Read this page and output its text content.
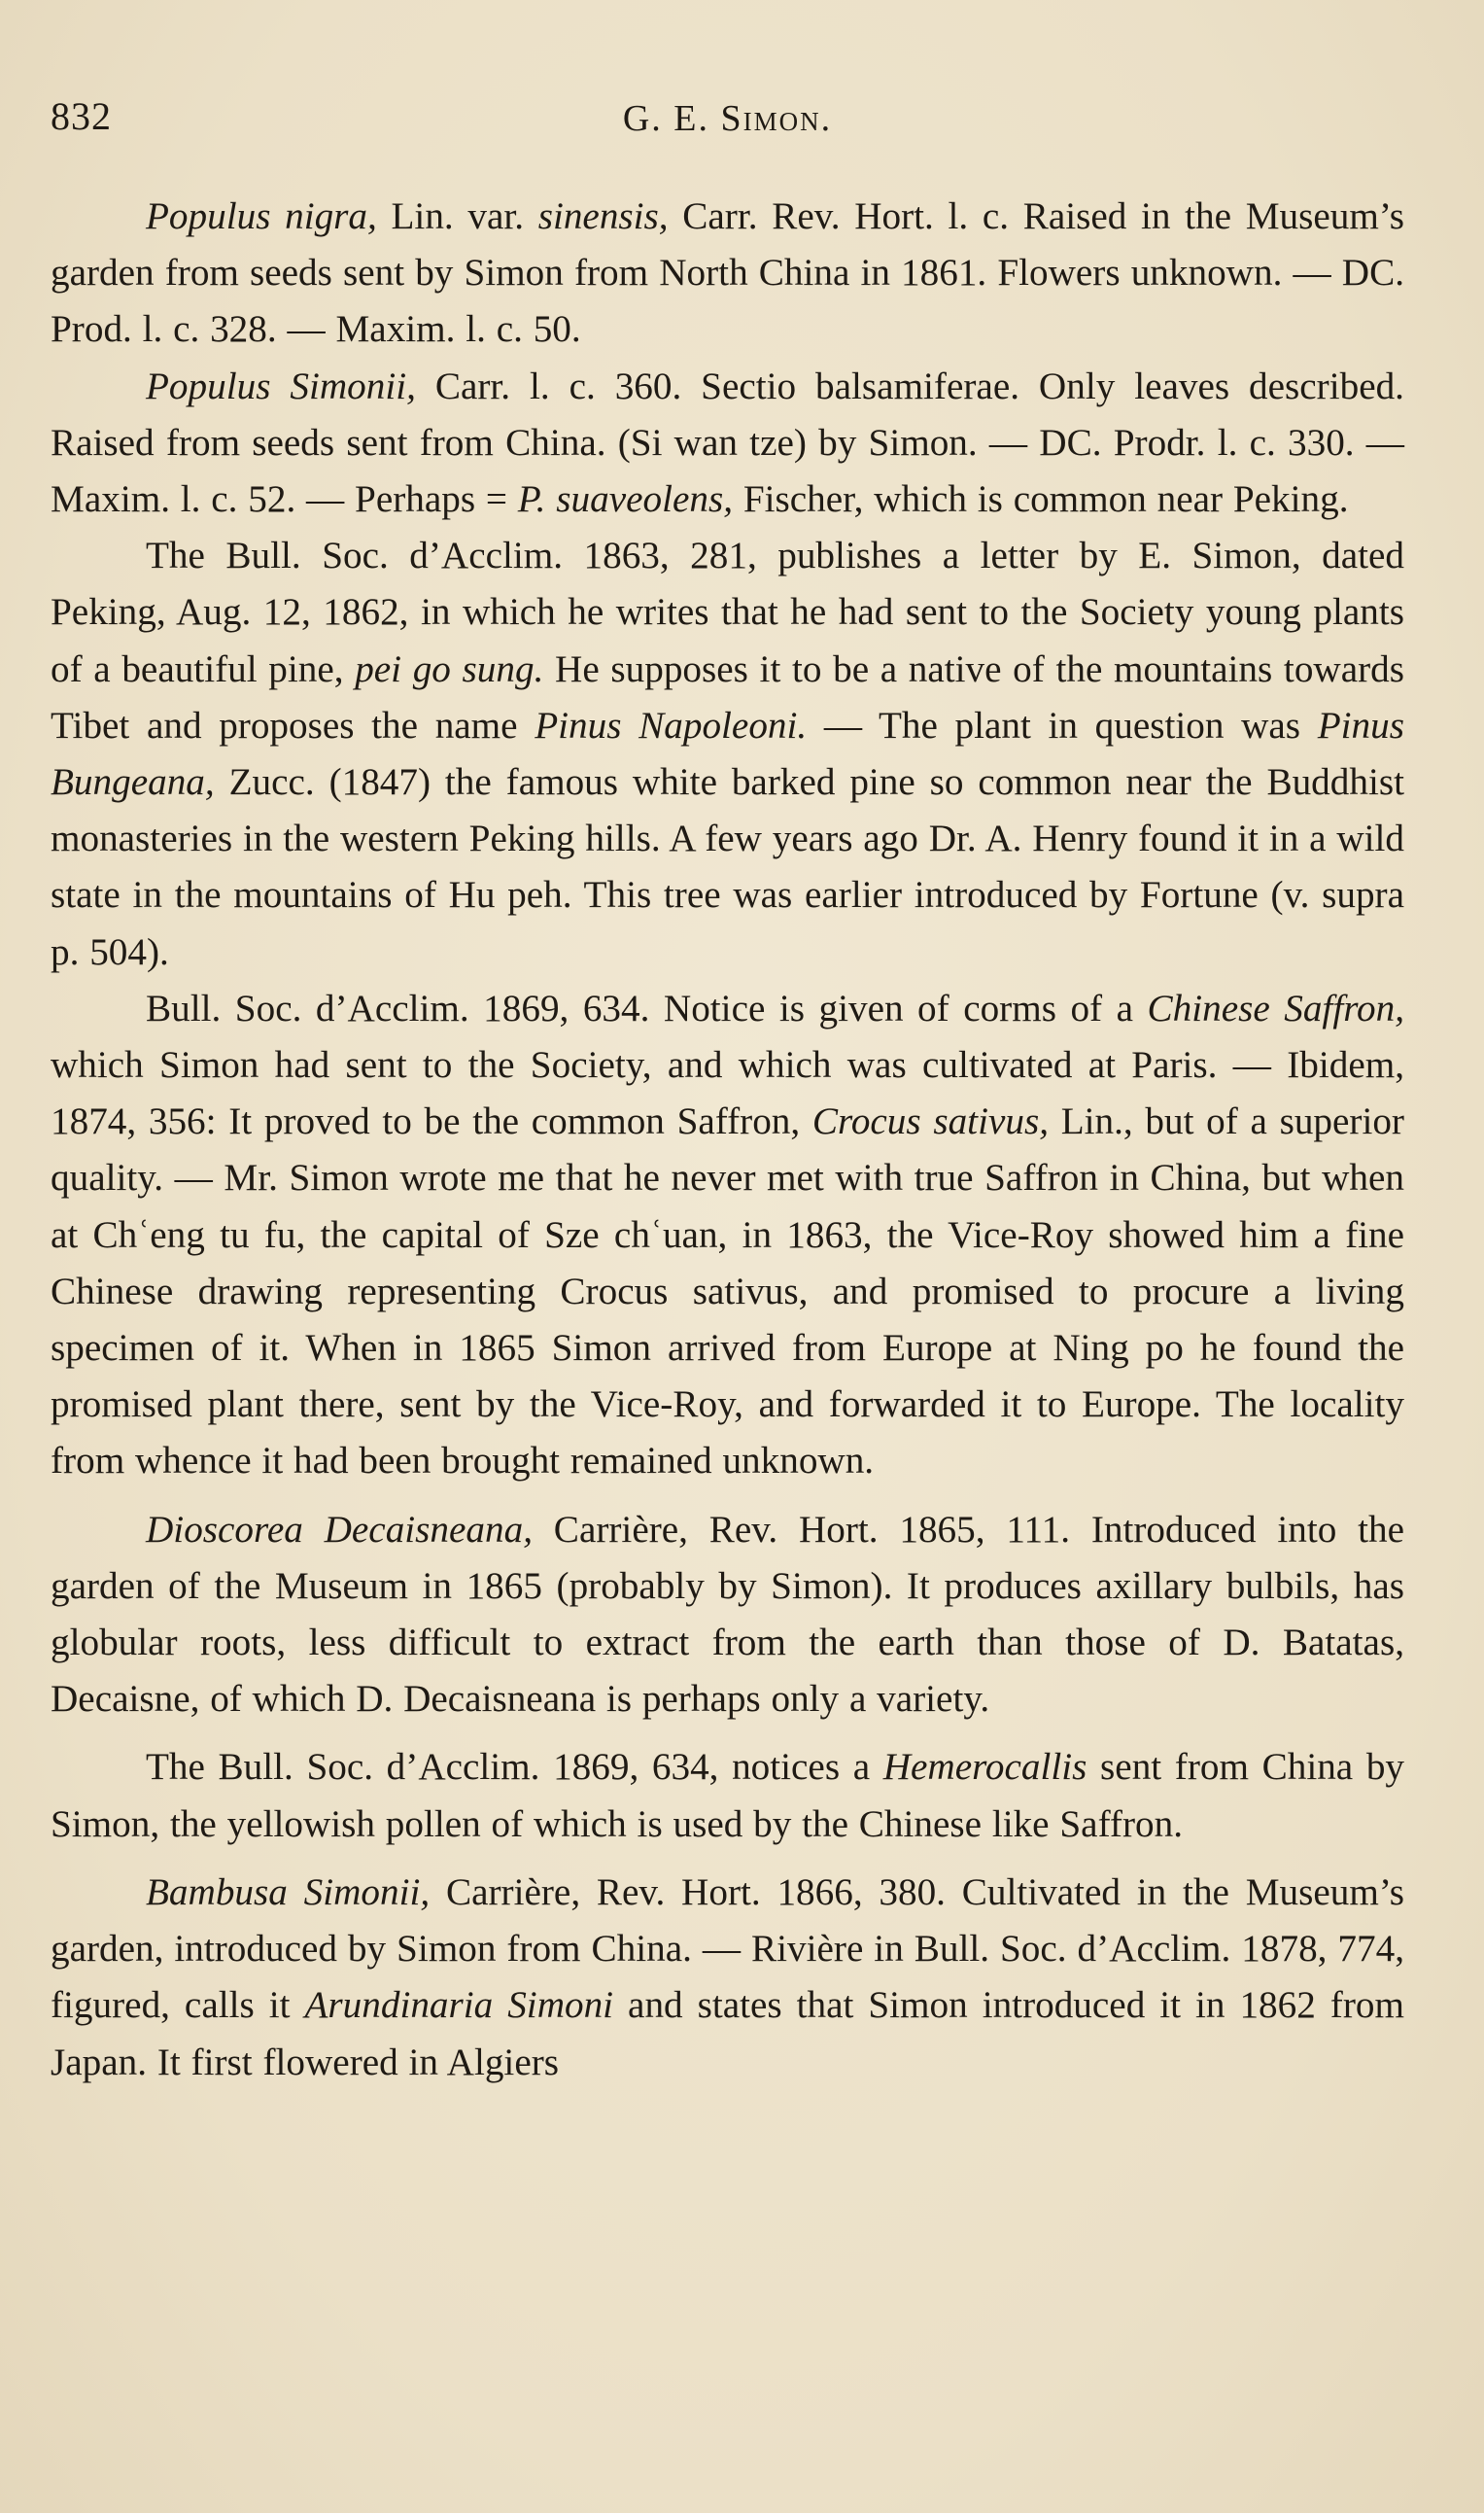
832	G. E. Simon.

Populus nigra, Lin. var. sinensis, Carr. Rev. Hort. l. c. Raised in the Museum’s garden from seeds sent by Simon from North China in 1861. Flowers unknown. — DC. Prod. l. c. 328. — Maxim. l. c. 50.

Populus Simonii, Carr. l. c. 360. Sectio balsamiferae. Only leaves described. Raised from seeds sent from China. (Si wan tze) by Simon. — DC. Prodr. l. c. 330. — Maxim. l. c. 52. — Perhaps = P. suaveolens, Fischer, which is common near Peking.

The Bull. Soc. d’Acclim. 1863, 281, publishes a letter by E. Simon, dated Peking, Aug. 12, 1862, in which he writes that he had sent to the Society young plants of a beautiful pine, pei go sung. He supposes it to be a native of the mountains towards Tibet and proposes the name Pinus Napoleoni. — The plant in question was Pinus Bungeana, Zucc. (1847) the famous white barked pine so common near the Buddhist monasteries in the western Peking hills. A few years ago Dr. A. Henry found it in a wild state in the mountains of Hu peh. This tree was earlier introduced by Fortune (v. supra p. 504).

Bull. Soc. d’Acclim. 1869, 634. Notice is given of corms of a Chinese Saffron, which Simon had sent to the Society, and which was cultivated at Paris. — Ibidem, 1874, 356: It proved to be the common Saffron, Crocus sativus, Lin., but of a superior quality. — Mr. Simon wrote me that he never met with true Saffron in China, but when at Chʿeng tu fu, the capital of Sze chʿuan, in 1863, the Vice-Roy showed him a fine Chinese drawing representing Crocus sativus, and promised to procure a living specimen of it. When in 1865 Simon arrived from Europe at Ning po he found the promised plant there, sent by the Vice-Roy, and forwarded it to Europe. The locality from whence it had been brought remained unknown.

Dioscorea Decaisneana, Carrière, Rev. Hort. 1865, 111. Introduced into the garden of the Museum in 1865 (probably by Simon). It produces axillary bulbils, has globular roots, less difficult to extract from the earth than those of D. Batatas, Decaisne, of which D. Decaisneana is perhaps only a variety.

The Bull. Soc. d’Acclim. 1869, 634, notices a Hemerocallis sent from China by Simon, the yellowish pollen of which is used by the Chinese like Saffron.

Bambusa Simonii, Carrière, Rev. Hort. 1866, 380. Cultivated in the Museum’s garden, introduced by Simon from China. — Rivière in Bull. Soc. d’Acclim. 1878, 774, figured, calls it Arundinaria Simoni and states that Simon introduced it in 1862 from Japan. It first flowered in Algiers
